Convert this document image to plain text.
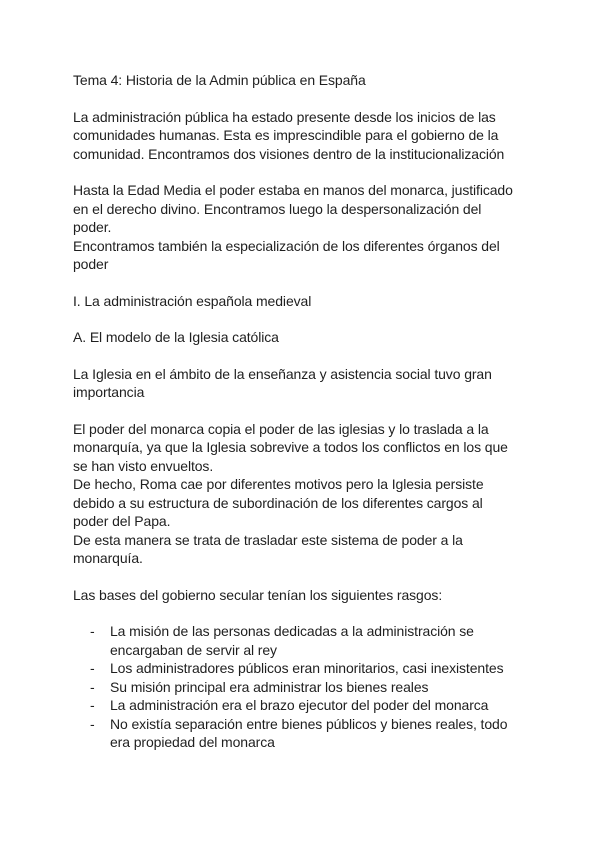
Tema 4: Historia de la Admin pública en España
La administración pública ha estado presente desde los inicios de las
comunidades humanas. Esta es imprescindible para el gobierno de la
comunidad. Encontramos dos visiones dentro de la institucionalización
Hasta la Edad Media el poder estaba en manos del monarca, justificado
en el derecho divino. Encontramos luego la despersonalización del
poder.
Encontramos también la especialización de los diferentes órganos del
poder
I. La administración española medieval
A. El modelo de la Iglesia católica
La Iglesia en el ámbito de la enseñanza y asistencia social tuvo gran
importancia
El poder del monarca copia el poder de las iglesias y lo traslada a la
monarquía, ya que la Iglesia sobrevive a todos los conflictos en los que
se han visto envueltos.
De hecho, Roma cae por diferentes motivos pero la Iglesia persiste
debido a su estructura de subordinación de los diferentes cargos al
poder del Papa.
De esta manera se trata de trasladar este sistema de poder a la
monarquía.
Las bases del gobierno secular tenían los siguientes rasgos:
- La misión de las personas dedicadas a la administración se
encargaban de servir al rey
- Los administradores públicos eran minoritarios, casi inexistentes
- Su misión principal era administrar los bienes reales
- La administración era el brazo ejecutor del poder del monarca
- No existía separación entre bienes públicos y bienes reales, todo
era propiedad del monarca
